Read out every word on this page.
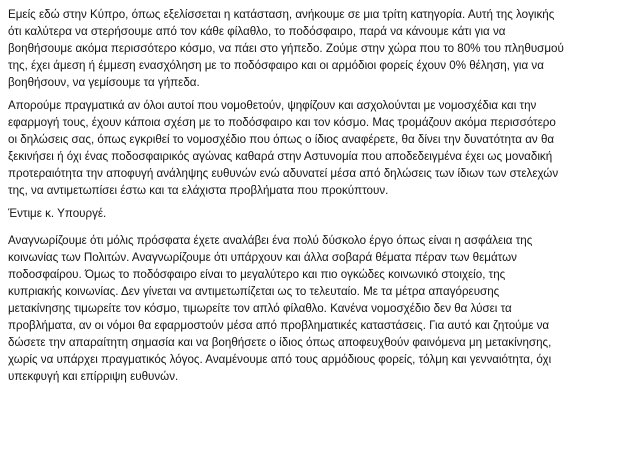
Εμείς εδώ στην Κύπρο, όπως εξελίσσεται η κατάσταση, ανήκουμε σε μια τρίτη κατηγορία. Αυτή της λογικής
ότι καλύτερα να στερήσουμε από τον κάθε φίλαθλο, το ποδόσφαιρο, παρά να κάνουμε κάτι για να
βοηθήσουμε ακόμα περισσότερο κόσμο, να πάει στο γήπεδο. Ζούμε στην χώρα που το 80% του πληθυσμού
της, έχει άμεση ή έμμεση ενασχόληση με το ποδόσφαιρο και οι αρμόδιοι φορείς έχουν 0% θέληση, για να
βοηθήσουν, να γεμίσουμε τα γήπεδα.
Απορούμε πραγματικά αν όλοι αυτοί που νομοθετούν, ψηφίζουν και ασχολούνται με νομοσχέδια και την
εφαρμογή τους, έχουν κάποια σχέση με το ποδόσφαιρο και τον κόσμο. Μας τρομάζουν ακόμα περισσότερο
οι δηλώσεις σας, όπως εγκριθεί το νομοσχέδιο που όπως ο ίδιος αναφέρετε, θα δίνει την δυνατότητα αν θα
ξεκινήσει ή όχι ένας ποδοσφαιρικός αγώνας καθαρά στην Αστυνομία που αποδεδειγμένα έχει ως μοναδική
προτεραιότητα την αποφυγή ανάληψης ευθυνών ενώ αδυνατεί μέσα από δηλώσεις των ίδιων των στελεχών
της, να αντιμετωπίσει έστω και τα ελάχιστα προβλήματα που προκύπτουν.
Έντιμε κ. Υπουργέ.
Αναγνωρίζουμε ότι μόλις πρόσφατα έχετε αναλάβει ένα πολύ δύσκολο έργο όπως είναι η ασφάλεια της
κοινωνίας των Πολιτών. Αναγνωρίζουμε ότι υπάρχουν και άλλα σοβαρά θέματα πέραν των θεμάτων
ποδοσφαίρου. Όμως το ποδόσφαιρο είναι το μεγαλύτερο και πιο ογκώδες κοινωνικό στοιχείο, της
κυπριακής κοινωνίας. Δεν γίνεται να αντιμετωπίζεται ως το τελευταίο. Με τα μέτρα απαγόρευσης
μετακίνησης τιμωρείτε τον κόσμο, τιμωρείτε τον απλό φίλαθλο. Κανένα νομοσχέδιο δεν θα λύσει τα
προβλήματα, αν οι νόμοι θα εφαρμοστούν μέσα από προβληματικές καταστάσεις. Για αυτό και ζητούμε να
δώσετε την απαραίτητη σημασία και να βοηθήσετε ο ίδιος όπως αποφευχθούν φαινόμενα μη μετακίνησης,
χωρίς να υπάρχει πραγματικός λόγος. Αναμένουμε από τους αρμόδιους φορείς, τόλμη και γενναιότητα, όχι
υπεκφυγή και επίρριψη ευθυνών.
